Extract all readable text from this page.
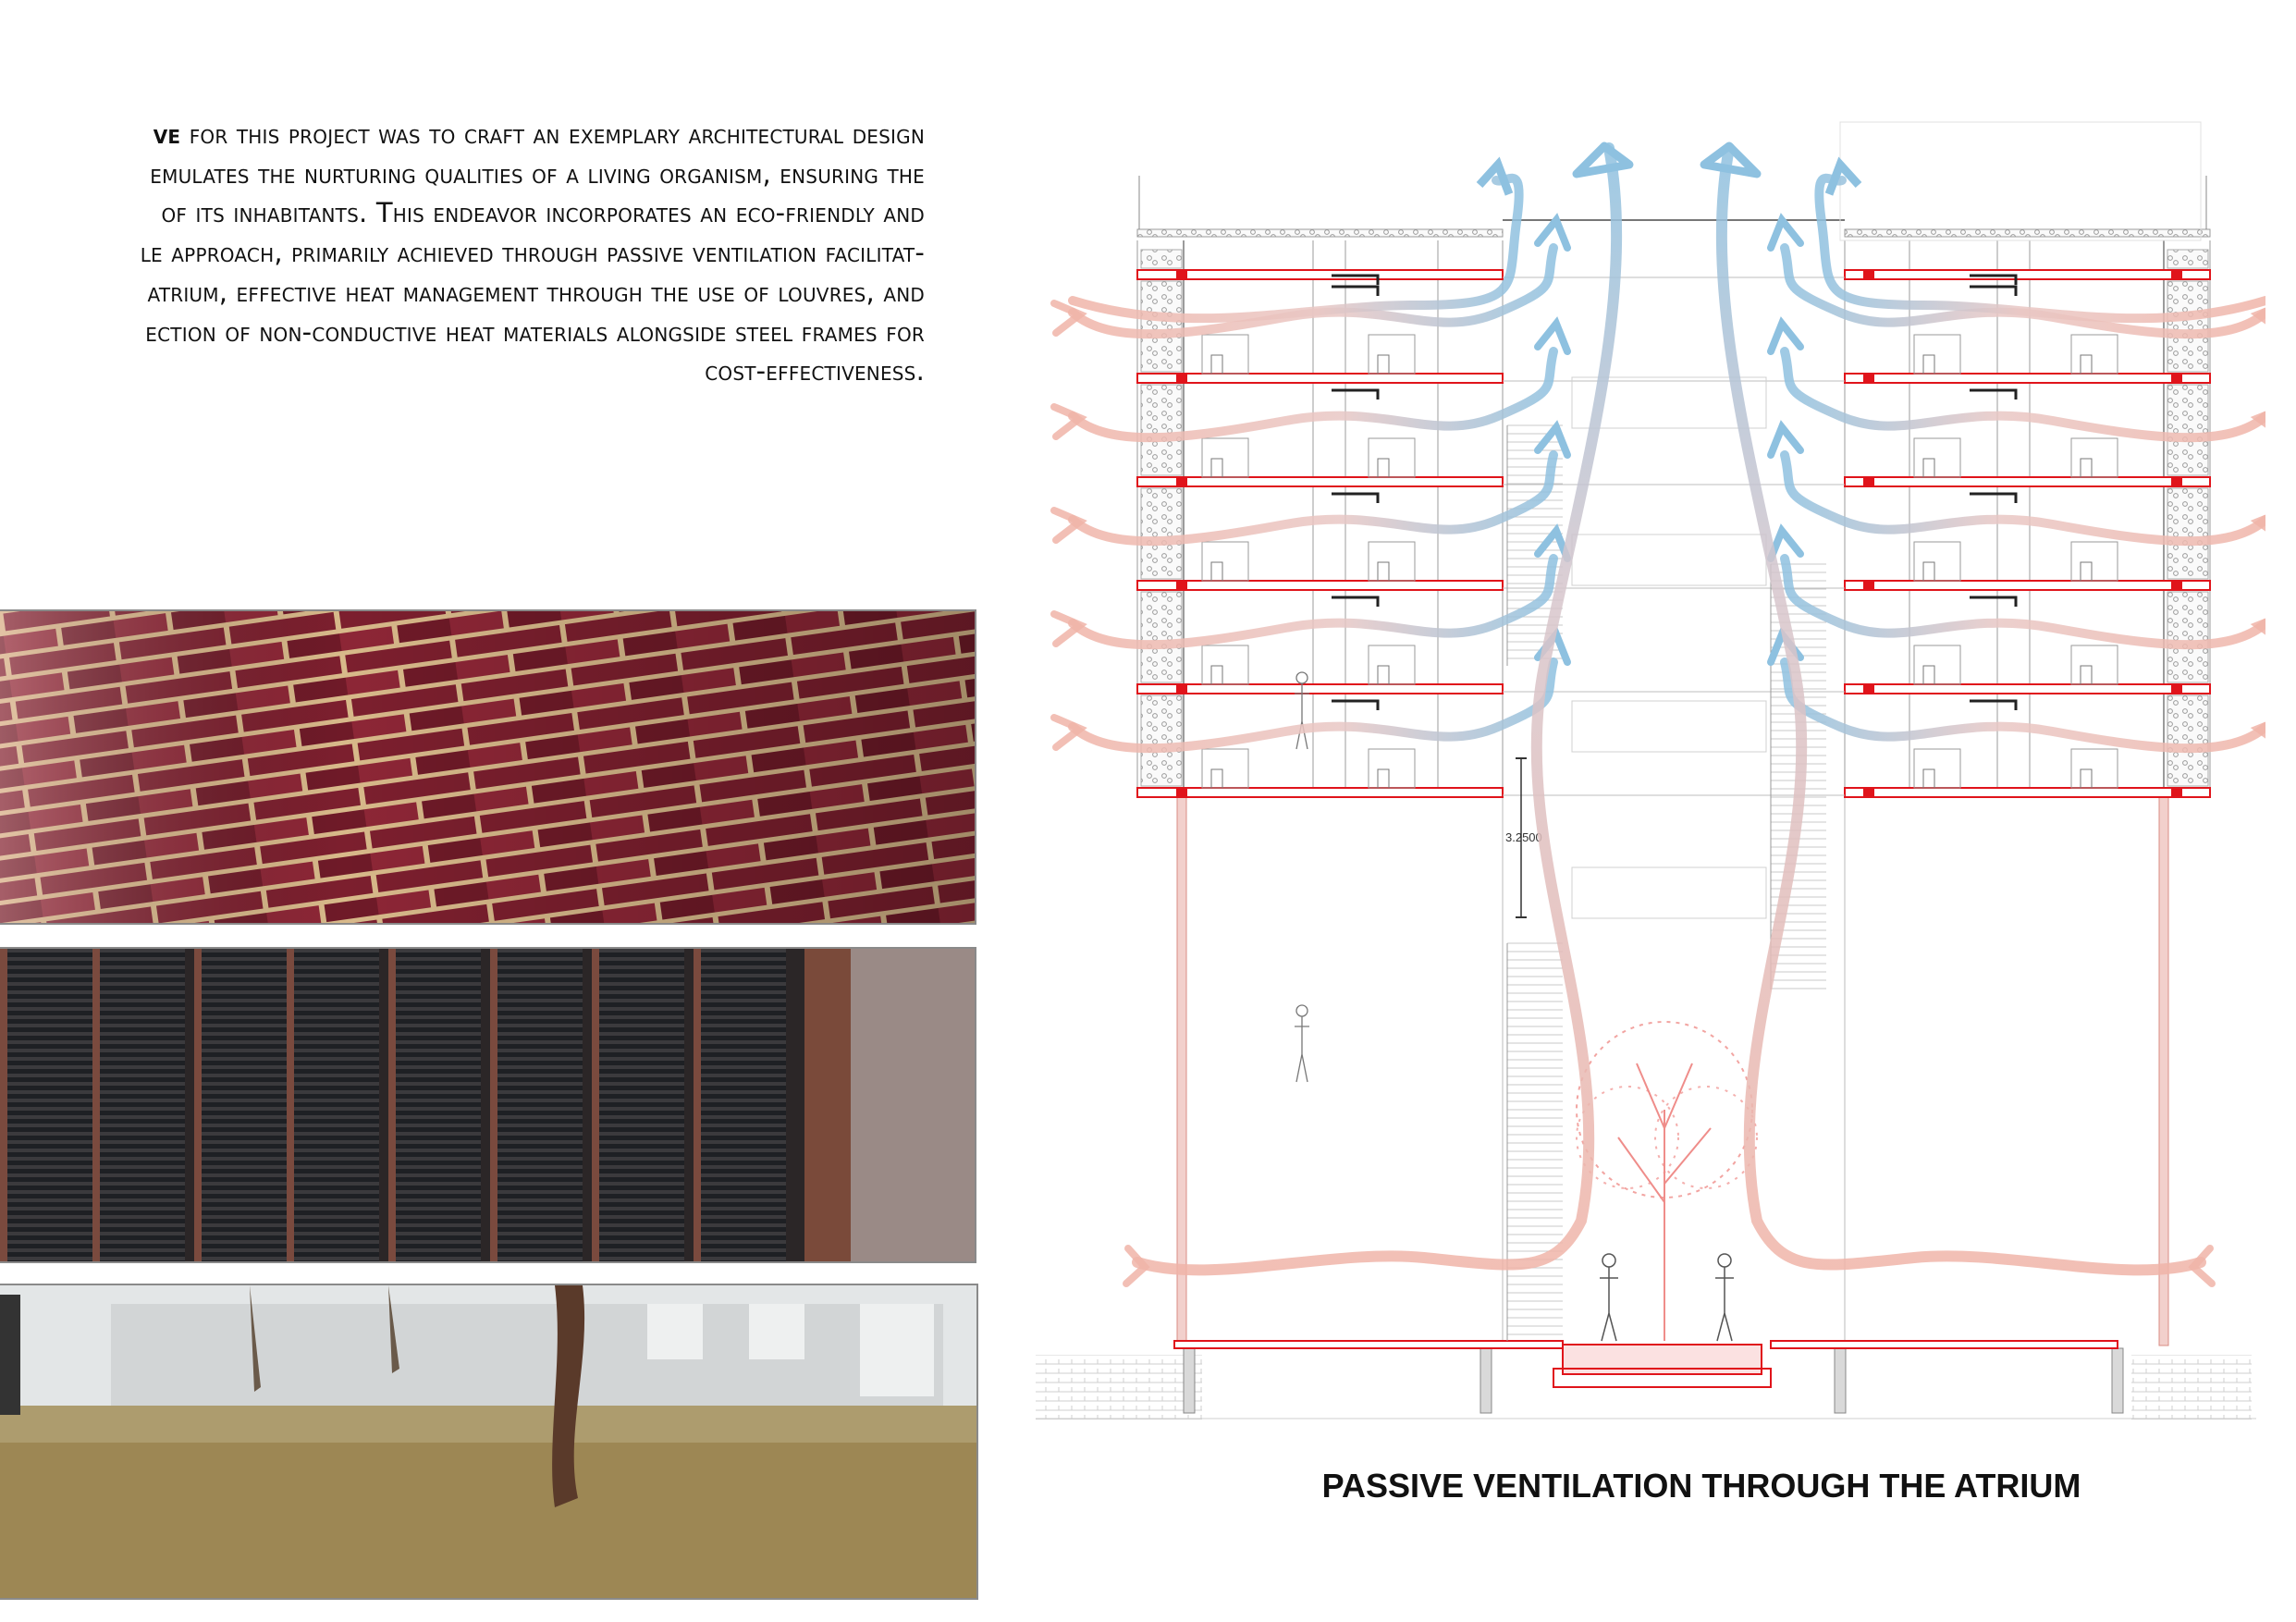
ve for this project was to craft an exemplary architectural design
emulates the nurturing qualities of a living organism, ensuring the
of its inhabitants. This endeavor incorporates an eco-friendly and
le approach, primarily achieved through passive ventilation facilitat-
atrium, effective heat management through the use of louvres, and
ection of non-conductive heat materials alongside steel frames for
cost-effectiveness.
3.2500
PASSIVE VENTILATION THROUGH THE ATRIUM
